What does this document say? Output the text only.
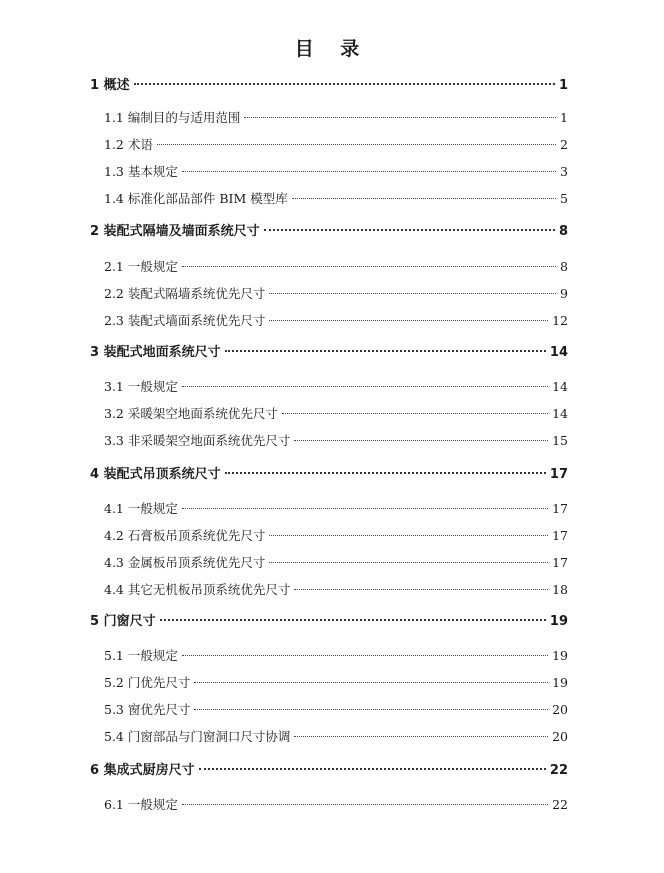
目 录
1 概述	1
1.1 编制目的与适用范围	1
1.2 术语	2
1.3 基本规定	3
1.4 标准化部品部件 BIM 模型库	5
2 装配式隔墙及墙面系统尺寸	8
2.1 一般规定	8
2.2 装配式隔墙系统优先尺寸	9
2.3 装配式墙面系统优先尺寸	12
3 装配式地面系统尺寸	14
3.1 一般规定	14
3.2 采暖架空地面系统优先尺寸	14
3.3 非采暖架空地面系统优先尺寸	15
4 装配式吊顶系统尺寸	17
4.1 一般规定	17
4.2 石膏板吊顶系统优先尺寸	17
4.3 金属板吊顶系统优先尺寸	17
4.4 其它无机板吊顶系统优先尺寸	18
5 门窗尺寸	19
5.1 一般规定	19
5.2 门优先尺寸	19
5.3 窗优先尺寸	20
5.4 门窗部品与门窗洞口尺寸协调	20
6 集成式厨房尺寸	22
6.1 一般规定	22
